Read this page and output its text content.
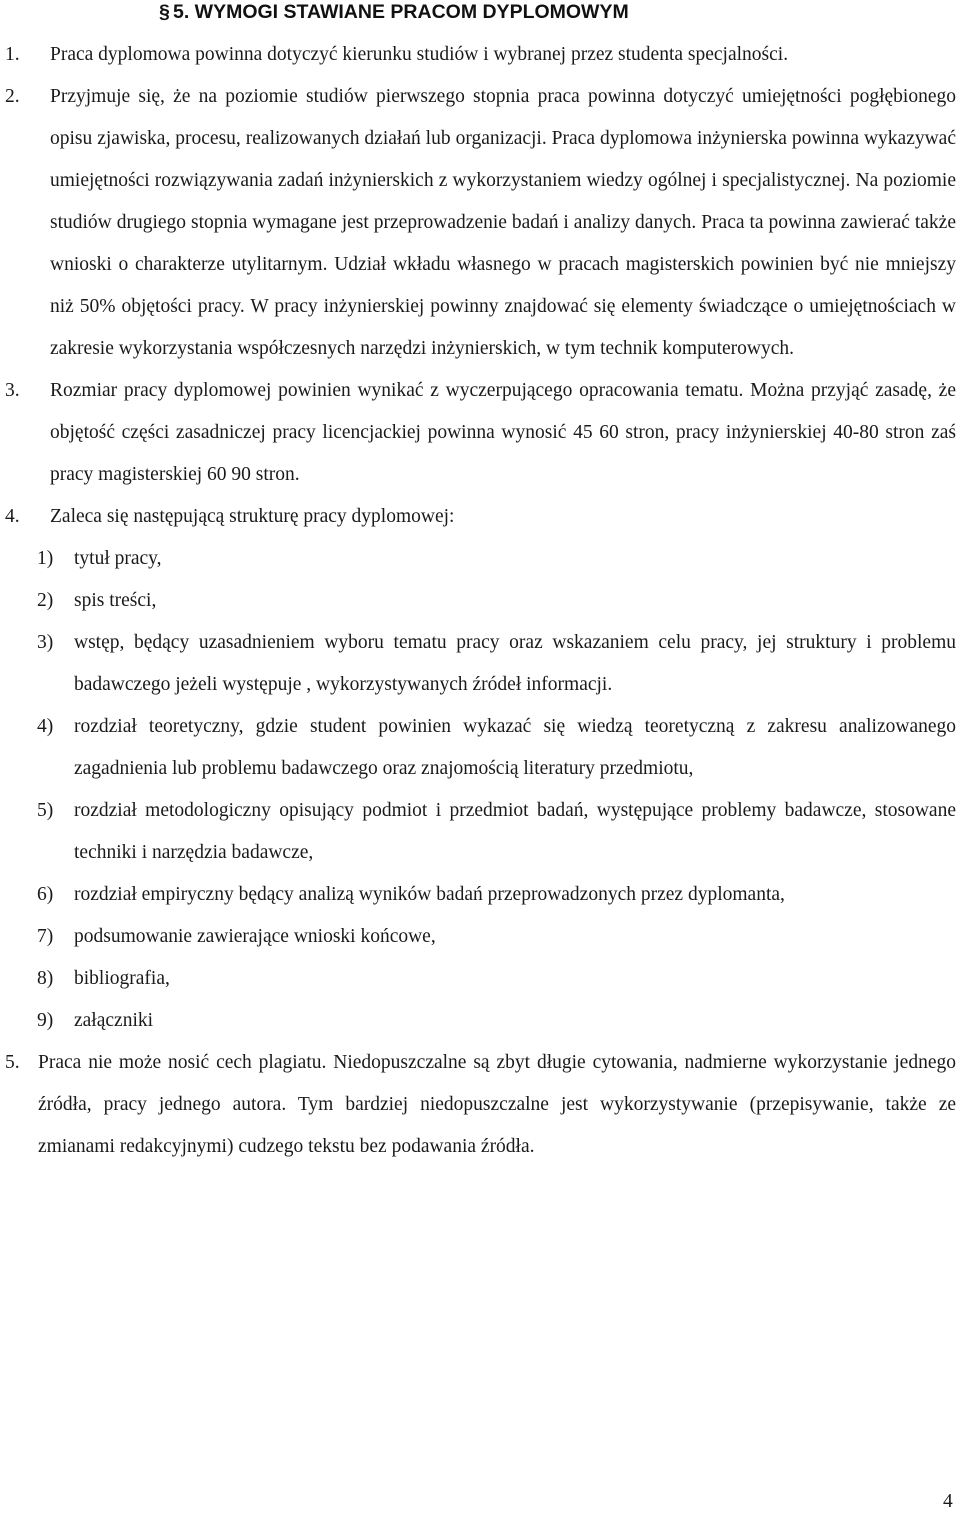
§ 5. WYMOGI STAWIANE PRACOM DYPLOMOWYM
1. Praca dyplomowa powinna dotyczyć kierunku studiów i wybranej przez studenta specjalności.
2. Przyjmuje się, że na poziomie studiów pierwszego stopnia praca powinna dotyczyć umiejętności pogłębionego opisu zjawiska, procesu, realizowanych działań lub organizacji. Praca dyplomowa inżynierska powinna wykazywać umiejętności rozwiązywania zadań inżynierskich z wykorzystaniem wiedzy ogólnej i specjalistycznej. Na poziomie studiów drugiego stopnia wymagane jest przeprowadzenie badań i analizy danych. Praca ta powinna zawierać także wnioski o charakterze utylitarnym. Udział wkładu własnego w pracach magisterskich powinien być nie mniejszy niż 50% objętości pracy. W pracy inżynierskiej powinny znajdować się elementy świadczące o umiejętnościach w zakresie wykorzystania współczesnych narzędzi inżynierskich, w tym technik komputerowych.
3. Rozmiar pracy dyplomowej powinien wynikać z wyczerpującego opracowania tematu. Można przyjąć zasadę, że objętość części zasadniczej pracy licencjackiej powinna wynosić 45 60 stron, pracy inżynierskiej 40-80 stron zaś pracy magisterskiej 60 90 stron.
4. Zaleca się następującą strukturę pracy dyplomowej:
1) tytuł pracy,
2) spis treści,
3) wstęp, będący uzasadnieniem wyboru tematu pracy oraz wskazaniem celu pracy, jej struktury i problemu badawczego jeżeli występuje , wykorzystywanych źródeł informacji.
4) rozdział teoretyczny, gdzie student powinien wykazać się wiedzą teoretyczną z zakresu analizowanego zagadnienia lub problemu badawczego oraz znajomością literatury przedmiotu,
5) rozdział metodologiczny opisujący podmiot i przedmiot badań, występujące problemy badawcze, stosowane techniki i narzędzia badawcze,
6) rozdział empiryczny będący analizą wyników badań przeprowadzonych przez dyplomanta,
7) podsumowanie zawierające wnioski końcowe,
8) bibliografia,
9) załączniki
5. Praca nie może nosić cech plagiatu. Niedopuszczalne są zbyt długie cytowania, nadmierne wykorzystanie jednego źródła, pracy jednego autora. Tym bardziej niedopuszczalne jest wykorzystywanie (przepisywanie, także ze zmianami redakcyjnymi) cudzego tekstu bez podawania źródła.
4
